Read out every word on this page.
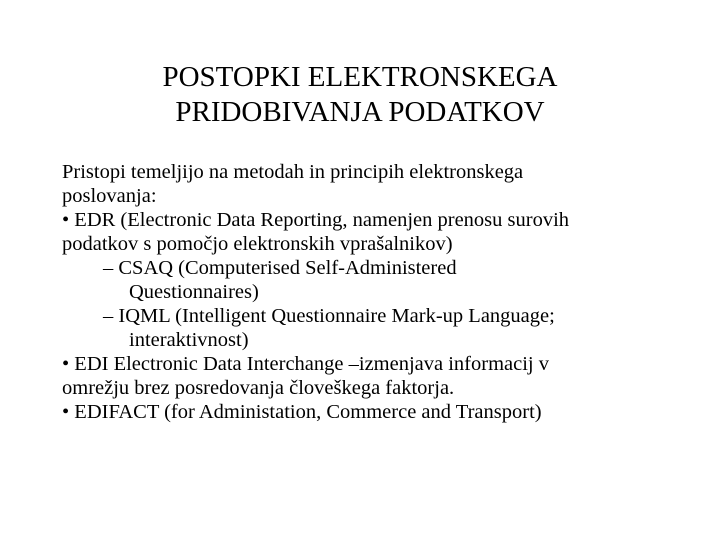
POSTOPKI ELEKTRONSKEGA
PRIDOBIVANJA PODATKOV
Pristopi temeljijo na metodah in principih elektronskega
poslovanja:
• EDR (Electronic Data Reporting, namenjen prenosu surovih
podatkov s pomočjo elektronskih vprašalnikov)
– CSAQ (Computerised Self-Administered
Questionnaires)
– IQML (Intelligent Questionnaire Mark-up Language;
interaktivnost)
• EDI Electronic Data Interchange –izmenjava informacij v
omrežju brez posredovanja človeškega faktorja.
• EDIFACT (for Administation, Commerce and Transport)
